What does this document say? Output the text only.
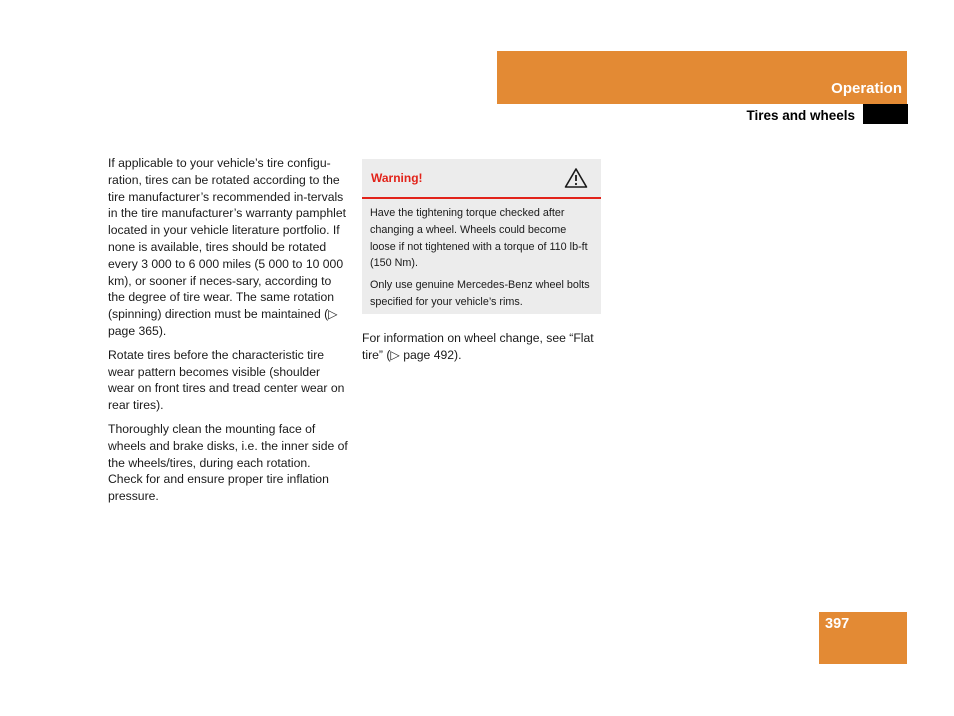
Operation
Tires and wheels

If applicable to your vehicle’s tire configu-ration, tires can be rotated according to the tire manufacturer’s recommended in-tervals in the tire manufacturer’s warranty pamphlet located in your vehicle literature portfolio. If none is available, tires should be rotated every 3 000 to 6 000 miles (5 000 to 10 000 km), or sooner if neces-sary, according to the degree of tire wear. The same rotation (spinning) direction must be maintained (▷ page 365).

Rotate tires before the characteristic tire wear pattern becomes visible (shoulder wear on front tires and tread center wear on rear tires).

Thoroughly clean the mounting face of wheels and brake disks, i.e. the inner side of the wheels/tires, during each rotation. Check for and ensure proper tire inflation pressure.

Warning!

Have the tightening torque checked after changing a wheel. Wheels could become loose if not tightened with a torque of 110 lb-ft (150 Nm).

Only use genuine Mercedes-Benz wheel bolts specified for your vehicle’s rims.

For information on wheel change, see “Flat tire” (▷ page 492).

397
